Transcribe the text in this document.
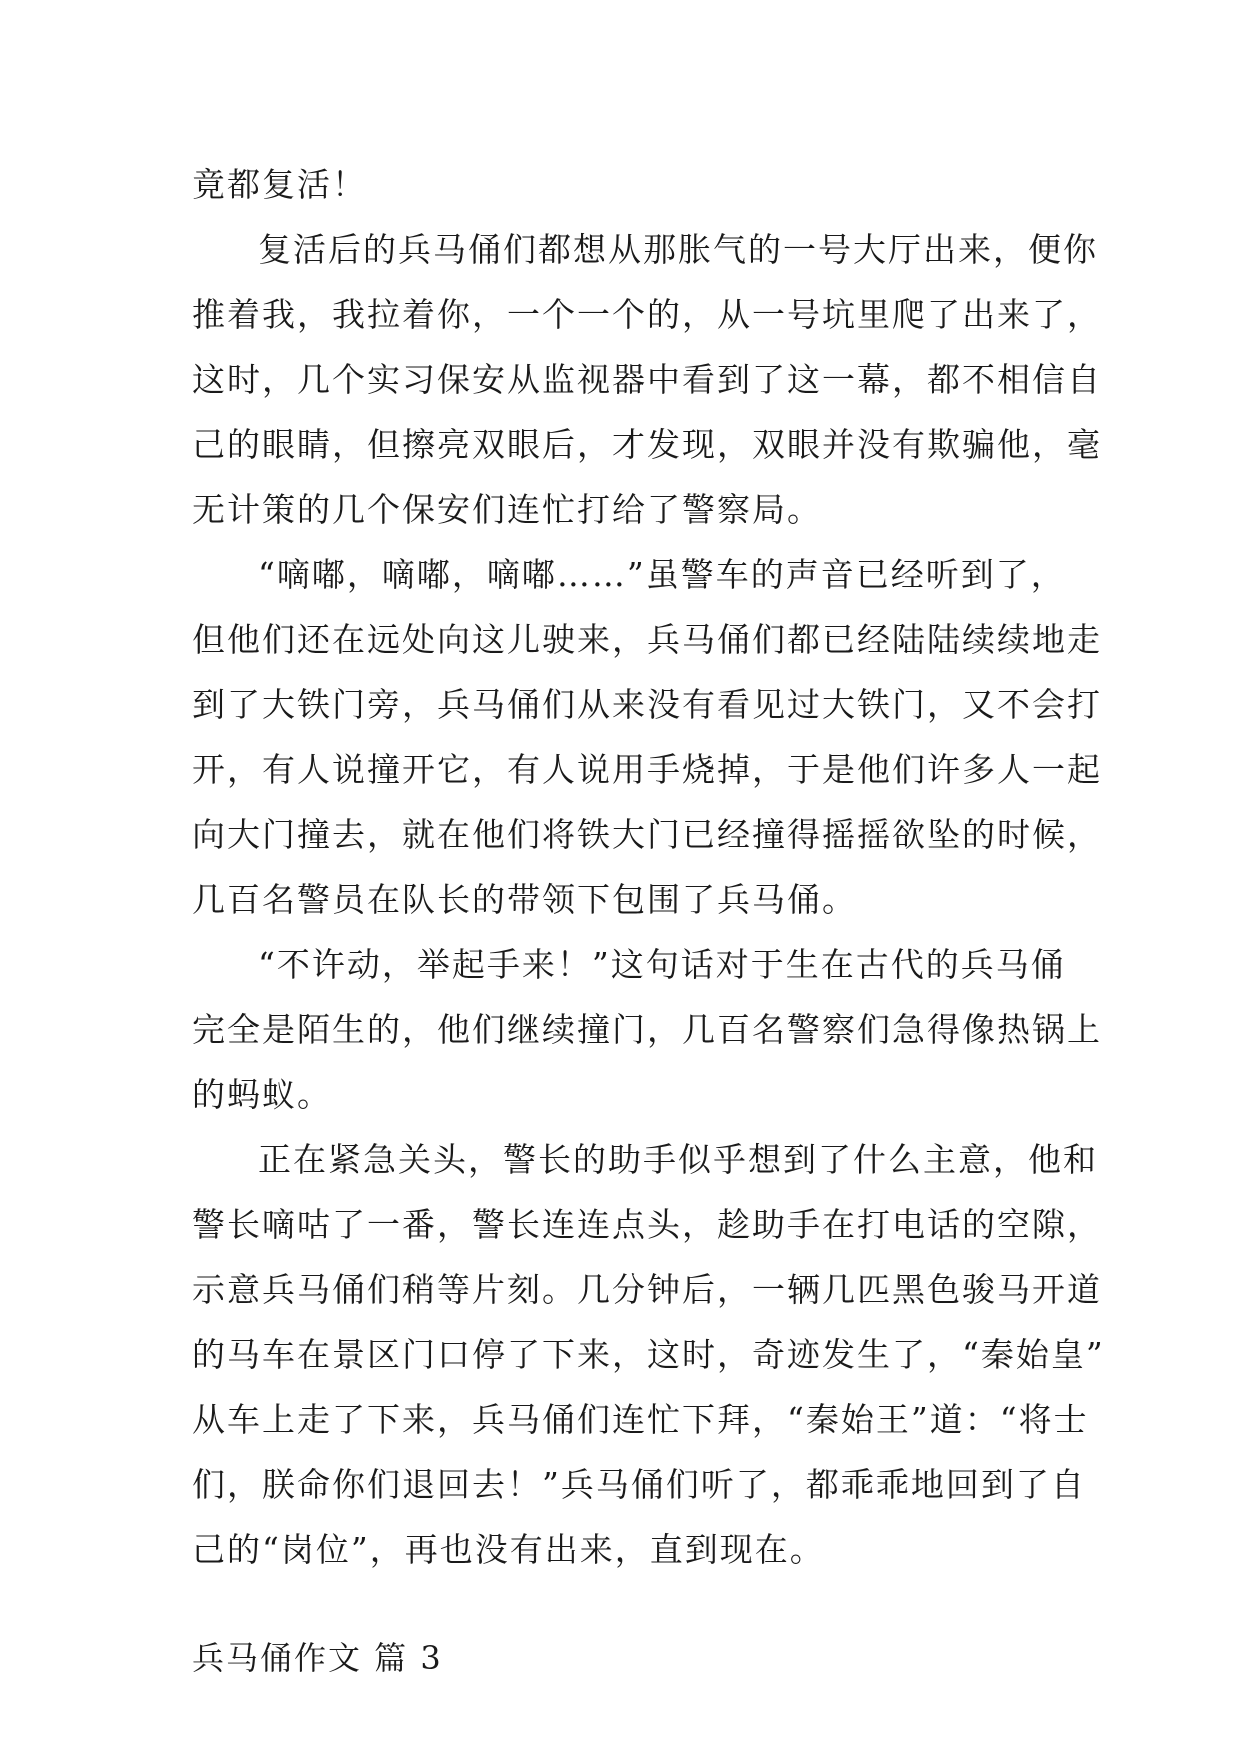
竟都复活！
复活后的兵马俑们都想从那胀气的一号大厅出来，便你
推着我，我拉着你，一个一个的，从一号坑里爬了出来了，
这时，几个实习保安从监视器中看到了这一幕，都不相信自
己的眼睛，但擦亮双眼后，才发现，双眼并没有欺骗他，毫
无计策的几个保安们连忙打给了警察局。
“嘀嘟，嘀嘟，嘀嘟……”虽警车的声音已经听到了，
但他们还在远处向这儿驶来，兵马俑们都已经陆陆续续地走
到了大铁门旁，兵马俑们从来没有看见过大铁门，又不会打
开，有人说撞开它，有人说用手烧掉，于是他们许多人一起
向大门撞去，就在他们将铁大门已经撞得摇摇欲坠的时候，
几百名警员在队长的带领下包围了兵马俑。
“不许动，举起手来！”这句话对于生在古代的兵马俑
完全是陌生的，他们继续撞门，几百名警察们急得像热锅上
的蚂蚁。
正在紧急关头，警长的助手似乎想到了什么主意，他和
警长嘀咕了一番，警长连连点头，趁助手在打电话的空隙，
示意兵马俑们稍等片刻。几分钟后，一辆几匹黑色骏马开道
的马车在景区门口停了下来，这时，奇迹发生了，“秦始皇”
从车上走了下来，兵马俑们连忙下拜，“秦始王”道：“将士
们，朕命你们退回去！”兵马俑们听了，都乖乖地回到了自
己的“岗位”，再也没有出来，直到现在。
兵马俑作文 篇 3
